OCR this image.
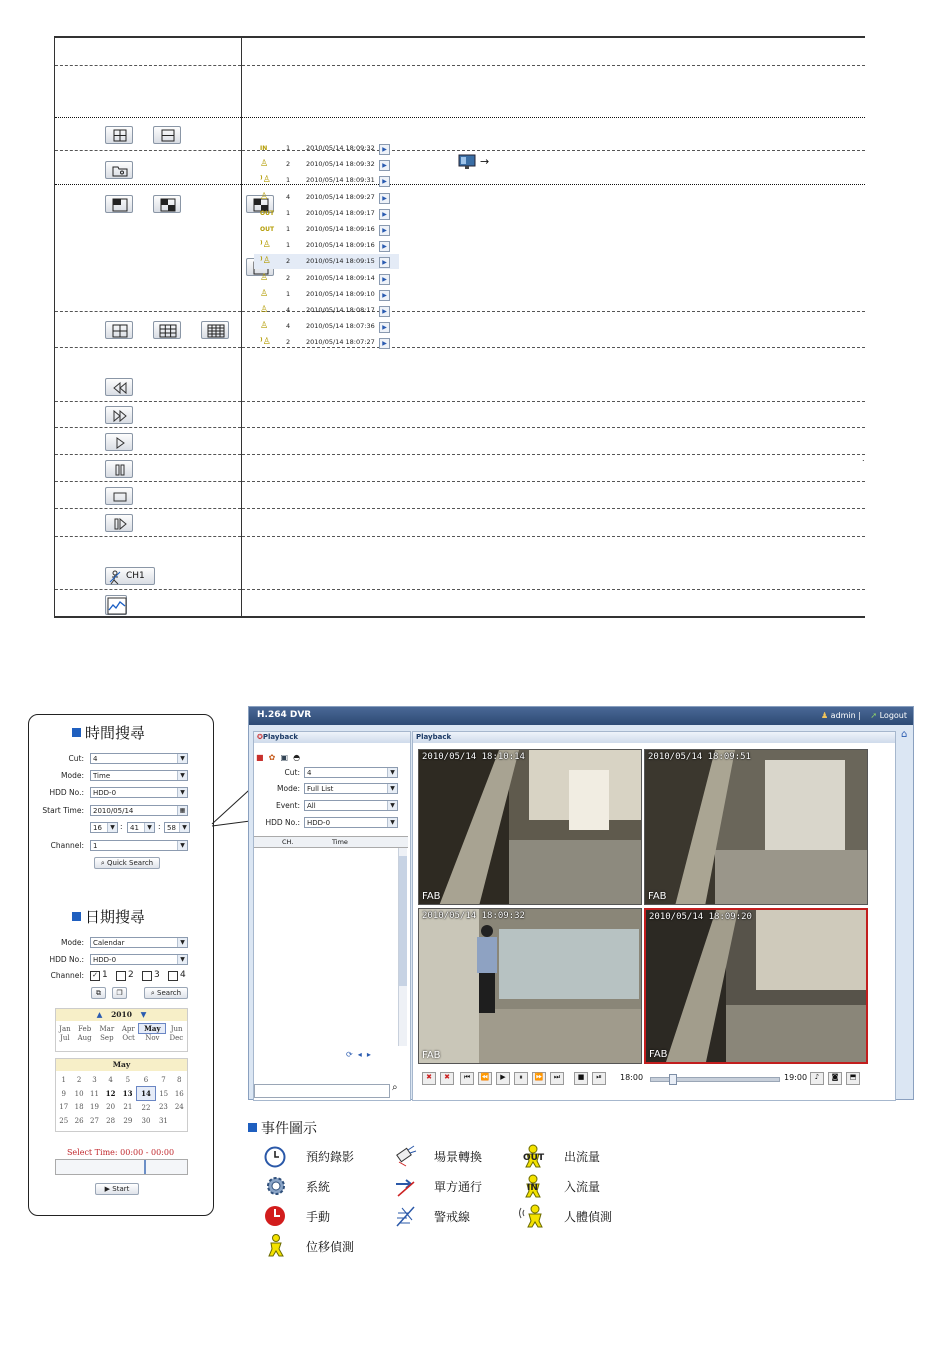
→

CH1	

.
時間搜尋
Cut:	4	▼
Mode:	Time	▼
HDD No.:	HDD-0	▼
Start Time:	2010/05/14	▦
16	▼ :	41	▼ : 58	▼
Channel:	1	▼
⌕ Quick Search
日期搜尋
Mode:	Calendar	▼
HDD No.:	HDD-0	▼
Channel: ✓ 1 2 3 4
⧉	❐	⌕ Search
▲ 2010 ▼
Jan	Feb	Mar	Apr	May	Jun
Jul	Aug	Sep	Oct	Nov	Dec
May
1	2	3	4	5	6	7	8
9	10	11	12	13	14	15	16
17	18	19	20	21	22	23	24
25	26	27	28	29	30	31	
Select Time: 00:00 - 00:00
▶ Start
H.264 DVR	♟ admin | ➚ Logout
✪Playback
■ ✿ ▣ ◓
Cut:	4	▼
Mode:	Full List	▼
Event:	All	▼
HDD No.:	HDD-0	▼
CH.	Time
⟳ ◂ ▸
⌕
IN	1 2010/05/14 18:09:32	▶
♙	2 2010/05/14 18:09:32	▶
⁾♙ 1 2010/05/14 18:09:31	▶
♙	4 2010/05/14 18:09:27	▶
OUT 1 2010/05/14 18:09:17	▶
OUT 1 2010/05/14 18:09:16	▶
⁾♙ 1 2010/05/14 18:09:16	▶
⁾♙ 2 2010/05/14 18:09:15	▶
♙	2 2010/05/14 18:09:14	▶
♙	1 2010/05/14 18:09:10	▶
♙	4 2010/05/14 18:08:17	▶
♙	4 2010/05/14 18:07:36	▶
⁾♙ 2 2010/05/14 18:07:27	▶
Playback	⌂
2010/05/14 18:10:14
FAB
2010/05/14 18:09:51
FAB
2010/05/14 18:09:32
FAB
2010/05/14 18:09:20
FAB
✖	✖	⏮	⏪	▶	⏸	⏩	⏭	■	⏯	18:00	19:00	♪	◙	⬒
事件圖示
預約錄影	場景轉換	OUT 出流量
系統	單方通行	IN 入流量
手動	警戒線	人體偵測
位移偵測
